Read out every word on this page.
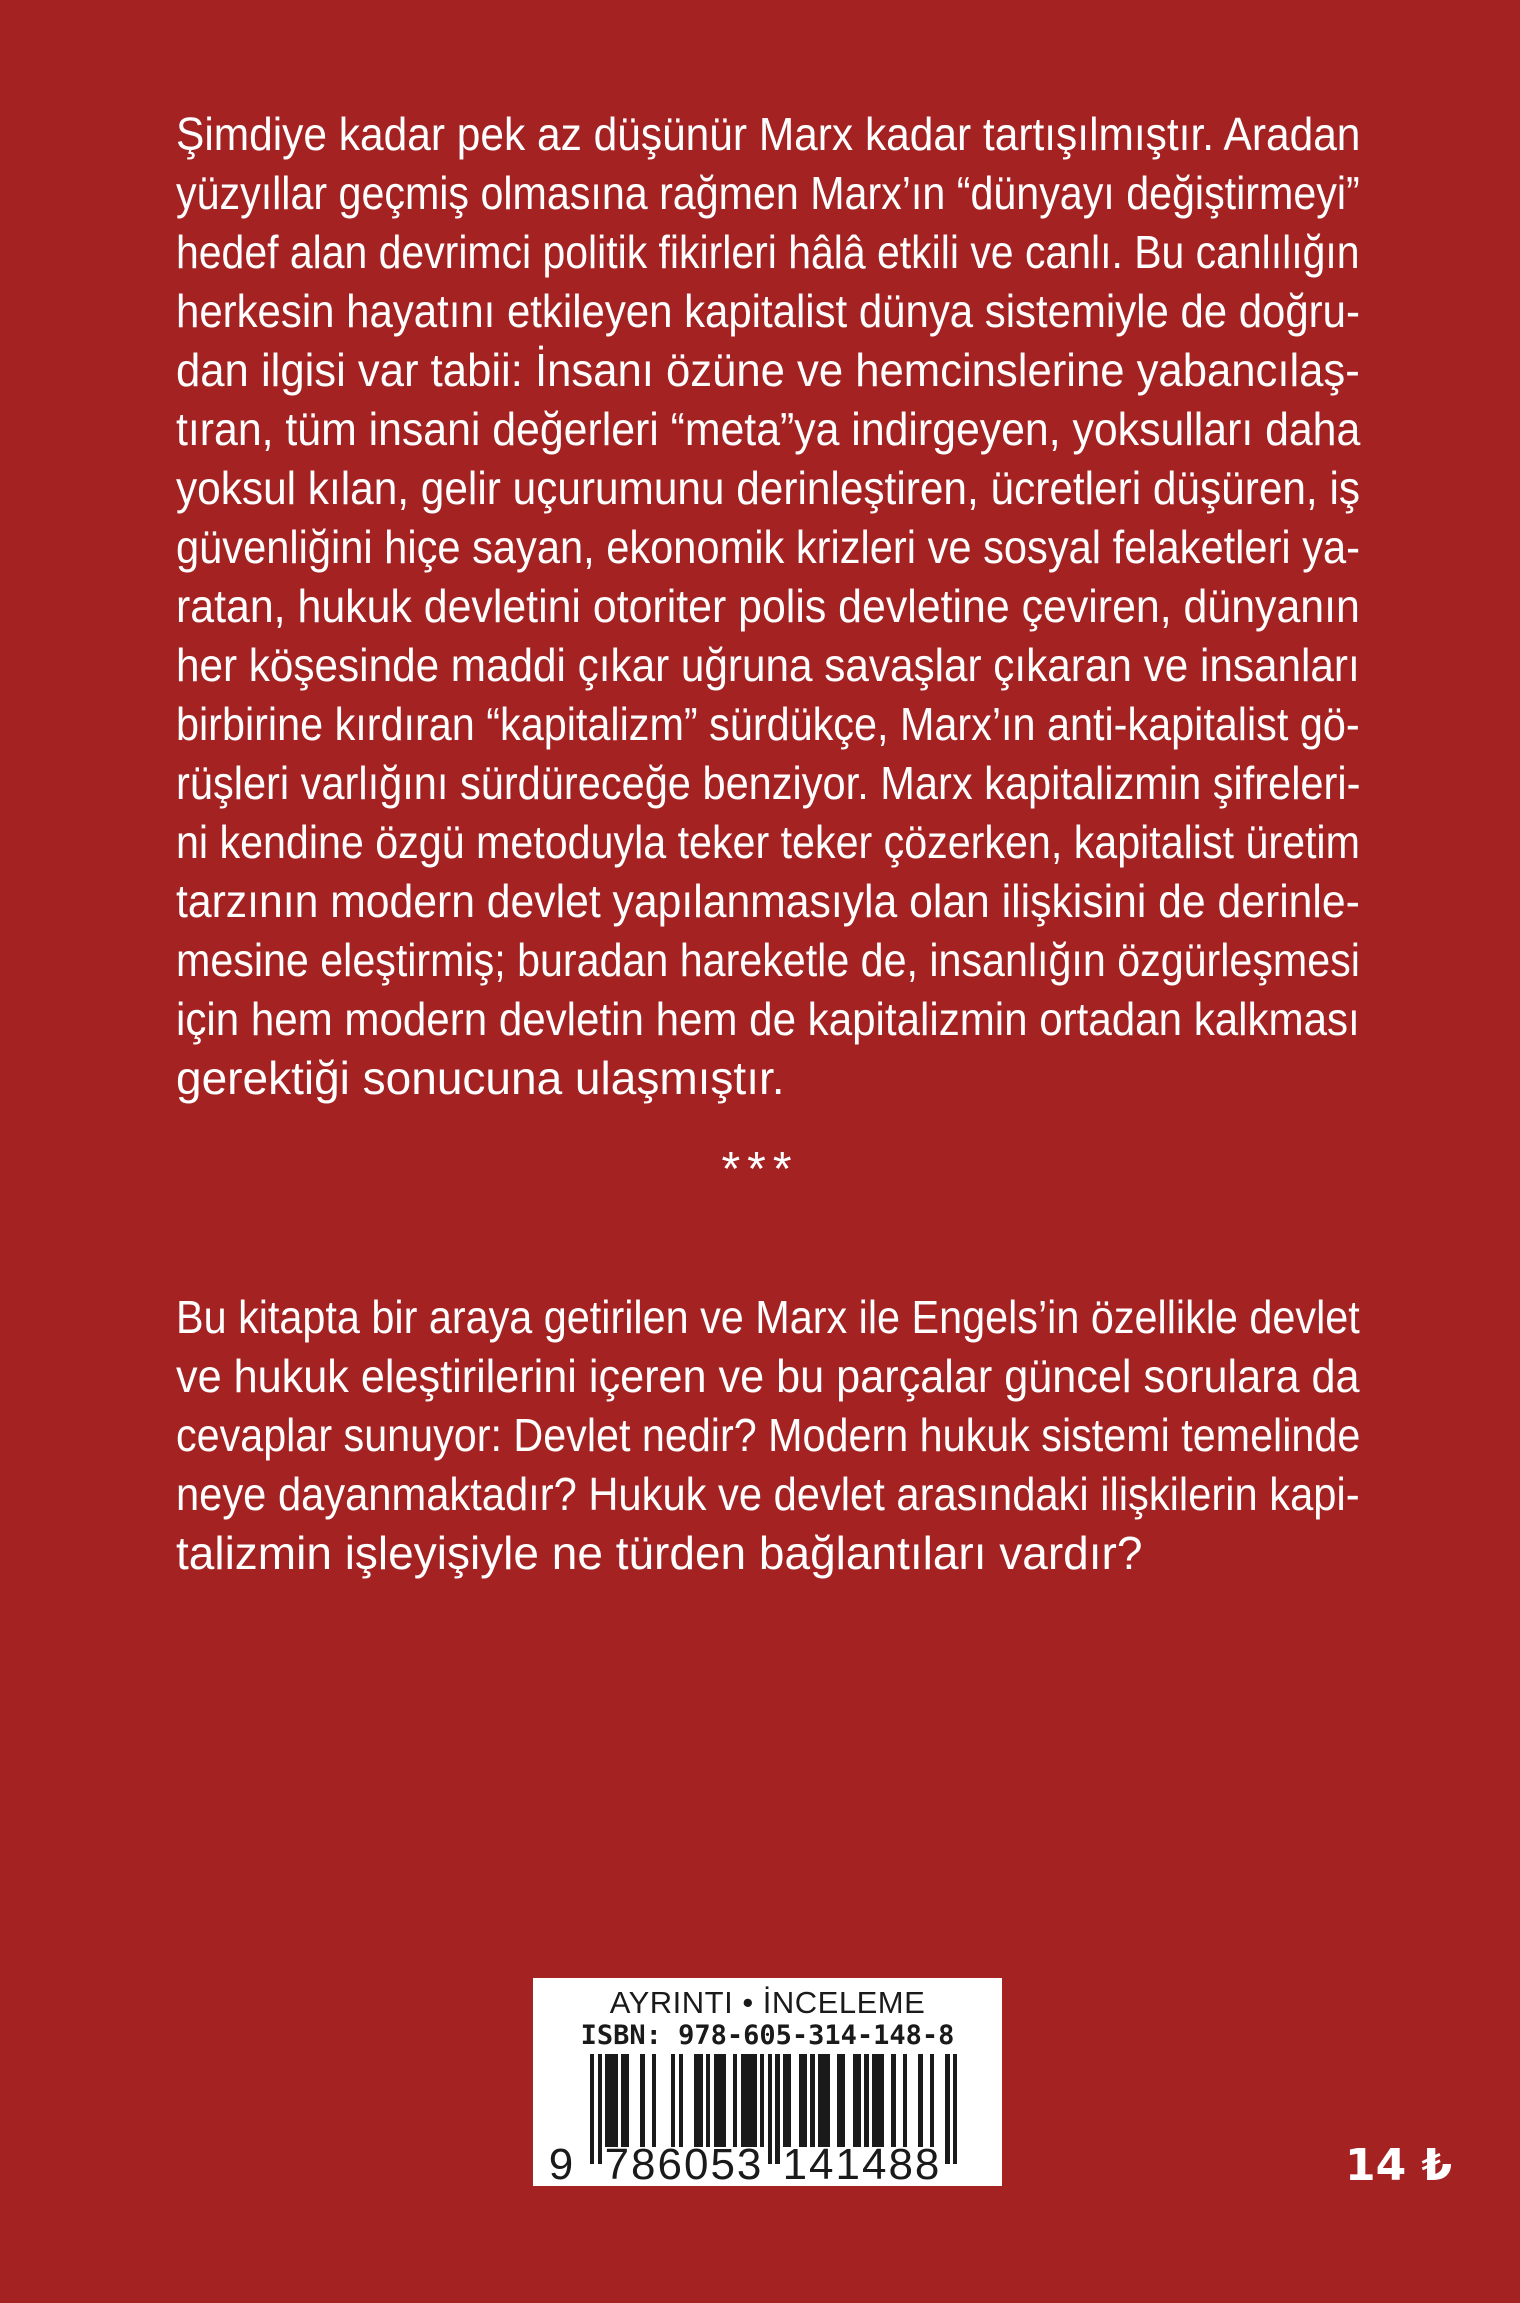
Şimdiye kadar pek az düşünür Marx kadar tartışılmıştır. Aradan
yüzyıllar geçmiş olmasına rağmen Marx’ın “dünyayı değiştirmeyi”
hedef alan devrimci politik fikirleri hâlâ etkili ve canlı. Bu canlılığın
herkesin hayatını etkileyen kapitalist dünya sistemiyle de doğru-
dan ilgisi var tabii: İnsanı özüne ve hemcinslerine yabancılaş-
tıran, tüm insani değerleri “meta”ya indirgeyen, yoksulları daha
yoksul kılan, gelir uçurumunu derinleştiren, ücretleri düşüren, iş
güvenliğini hiçe sayan, ekonomik krizleri ve sosyal felaketleri ya-
ratan, hukuk devletini otoriter polis devletine çeviren, dünyanın
her köşesinde maddi çıkar uğruna savaşlar çıkaran ve insanları
birbirine kırdıran “kapitalizm” sürdükçe, Marx’ın anti-kapitalist gö-
rüşleri varlığını sürdüreceğe benziyor. Marx kapitalizmin şifreleri-
ni kendine özgü metoduyla teker teker çözerken, kapitalist üretim
tarzının modern devlet yapılanmasıyla olan ilişkisini de derinle-
mesine eleştirmiş; buradan hareketle de, insanlığın özgürleşmesi
için hem modern devletin hem de kapitalizmin ortadan kalkması
gerektiği sonucuna ulaşmıştır.
***
Bu kitapta bir araya getirilen ve Marx ile Engels’in özellikle devlet
ve hukuk eleştirilerini içeren ve bu parçalar güncel sorulara da
cevaplar sunuyor: Devlet nedir? Modern hukuk sistemi temelinde
neye dayanmaktadır? Hukuk ve devlet arasındaki ilişkilerin kapi-
talizmin işleyişiyle ne türden bağlantıları vardır?
AYRINTI • İNCELEME
ISBN: 978-605-314-148-8
9 786053 141488	14 ₺
